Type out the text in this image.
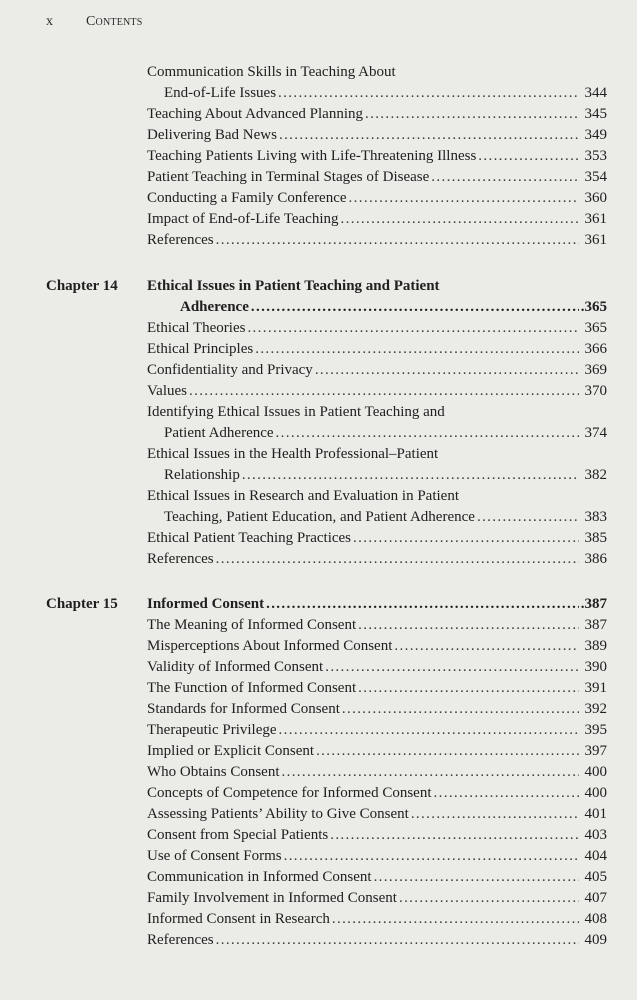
x Contents
Communication Skills in Teaching About
End-of-Life Issues . . .	344
Teaching About Advanced Planning . . .	345
Delivering Bad News . . .	349
Teaching Patients Living with Life-Threatening Illness . . .	353
Patient Teaching in Terminal Stages of Disease . . .	354
Conducting a Family Conference . . .	360
Impact of End-of-Life Teaching . . .	361
References . . .	361
Chapter 14 Ethical Issues in Patient Teaching and Patient
Adherence . . .	.365
Ethical Theories . . .	365
Ethical Principles . . .	366
Confidentiality and Privacy . . .	369
Values . . .	370
Identifying Ethical Issues in Patient Teaching and
Patient Adherence . . .	374
Ethical Issues in the Health Professional–Patient
Relationship . . .	382
Ethical Issues in Research and Evaluation in Patient
Teaching, Patient Education, and Patient Adherence . . .	383
Ethical Patient Teaching Practices . . .	385
References . . .	386
Chapter 15 Informed Consent . . .	.387
The Meaning of Informed Consent . . .	387
Misperceptions About Informed Consent . . .	389
Validity of Informed Consent . . .	390
The Function of Informed Consent . . .	391
Standards for Informed Consent . . .	392
Therapeutic Privilege . . .	395
Implied or Explicit Consent . . .	397
Who Obtains Consent . . .	400
Concepts of Competence for Informed Consent . . .	400
Assessing Patients’ Ability to Give Consent . . .	401
Consent from Special Patients . . .	403
Use of Consent Forms . . .	404
Communication in Informed Consent . . .	405
Family Involvement in Informed Consent . . .	407
Informed Consent in Research . . .	408
References . . .	409
